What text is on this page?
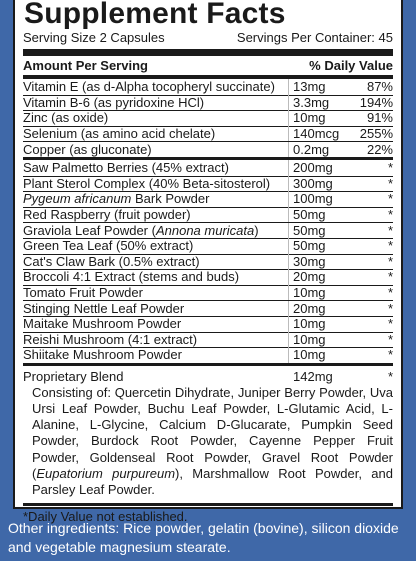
Supplement Facts
Serving Size 2 Capsules	Servings Per Container: 45
Amount Per Serving	% Daily Value
Vitamin E (as d-Alpha tocopheryl succinate)	13mg	87%
Vitamin B-6 (as pyridoxine HCl)	3.3mg	194%
Zinc (as oxide)	10mg	91%
Selenium (as amino acid chelate)	140mcg	255%
Copper (as gluconate)	0.2mg	22%
Saw Palmetto Berries (45% extract)	200mg	*
Plant Sterol Complex (40% Beta-sitosterol)	300mg	*
Pygeum africanum Bark Powder	100mg	*
Red Raspberry (fruit powder)	50mg	*
Graviola Leaf Powder (Annona muricata)	50mg	*
Green Tea Leaf (50% extract)	50mg	*
Cat's Claw Bark (0.5% extract)	30mg	*
Broccoli 4:1 Extract (stems and buds)	20mg	*
Tomato Fruit Powder	10mg	*
Stinging Nettle Leaf Powder	20mg	*
Maitake Mushroom Powder	10mg	*
Reishi Mushroom (4:1 extract)	10mg	*
Shiitake Mushroom Powder	10mg	*
Proprietary Blend	142mg	*
Consisting of: Quercetin Dihydrate, Juniper Berry Powder, Uva Ursi Leaf Powder, Buchu Leaf Powder, L-Glutamic Acid, L-Alanine, L-Glycine, Calcium D-Glucarate, Pumpkin Seed Powder, Burdock Root Powder, Cayenne Pepper Fruit Powder, Goldenseal Root Powder, Gravel Root Powder (Eupatorium purpureum), Marshmallow Root Powder, and Parsley Leaf Powder.
*Daily Value not established.
Other ingredients: Rice powder, gelatin (bovine), silicon dioxide and vegetable magnesium stearate.
